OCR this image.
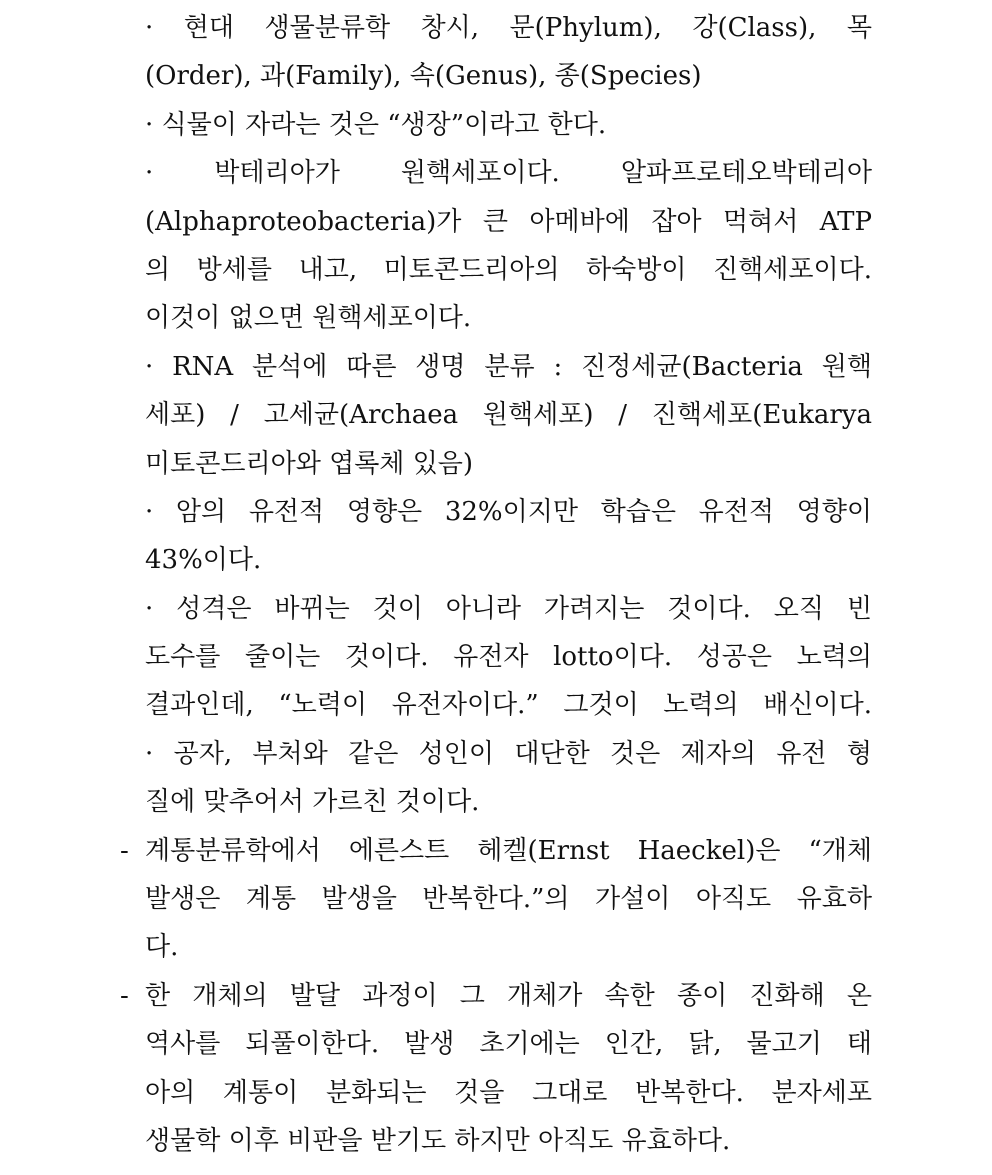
· 현대 생물분류학 창시, 문(Phylum), 강(Class), 목
(Order), 과(Family), 속(Genus), 종(Species)
· 식물이 자라는 것은 “생장”이라고 한다.
· 박테리아가 원핵세포이다. 알파프로테오박테리아
(Alphaproteobacteria)가 큰 아메바에 잡아 먹혀서 ATP
의 방세를 내고, 미토콘드리아의 하숙방이 진핵세포이다.
이것이 없으면 원핵세포이다.
· RNA 분석에 따른 생명 분류 : 진정세균(Bacteria 원핵
세포) / 고세균(Archaea 원핵세포) / 진핵세포(Eukarya
미토콘드리아와 엽록체 있음)
· 암의 유전적 영향은 32%이지만 학습은 유전적 영향이
43%이다.
· 성격은 바뀌는 것이 아니라 가려지는 것이다. 오직 빈
도수를 줄이는 것이다. 유전자 lotto이다. 성공은 노력의
결과인데, “노력이 유전자이다.” 그것이 노력의 배신이다.
· 공자, 부처와 같은 성인이 대단한 것은 제자의 유전 형
질에 맞추어서 가르친 것이다.
- 계통분류학에서 에른스트 헤켈(Ernst Haeckel)은 “개체
발생은 계통 발생을 반복한다.”의 가설이 아직도 유효하
다.
- 한 개체의 발달 과정이 그 개체가 속한 종이 진화해 온
역사를 되풀이한다. 발생 초기에는 인간, 닭, 물고기 태
아의 계통이 분화되는 것을 그대로 반복한다. 분자세포
생물학 이후 비판을 받기도 하지만 아직도 유효하다.
